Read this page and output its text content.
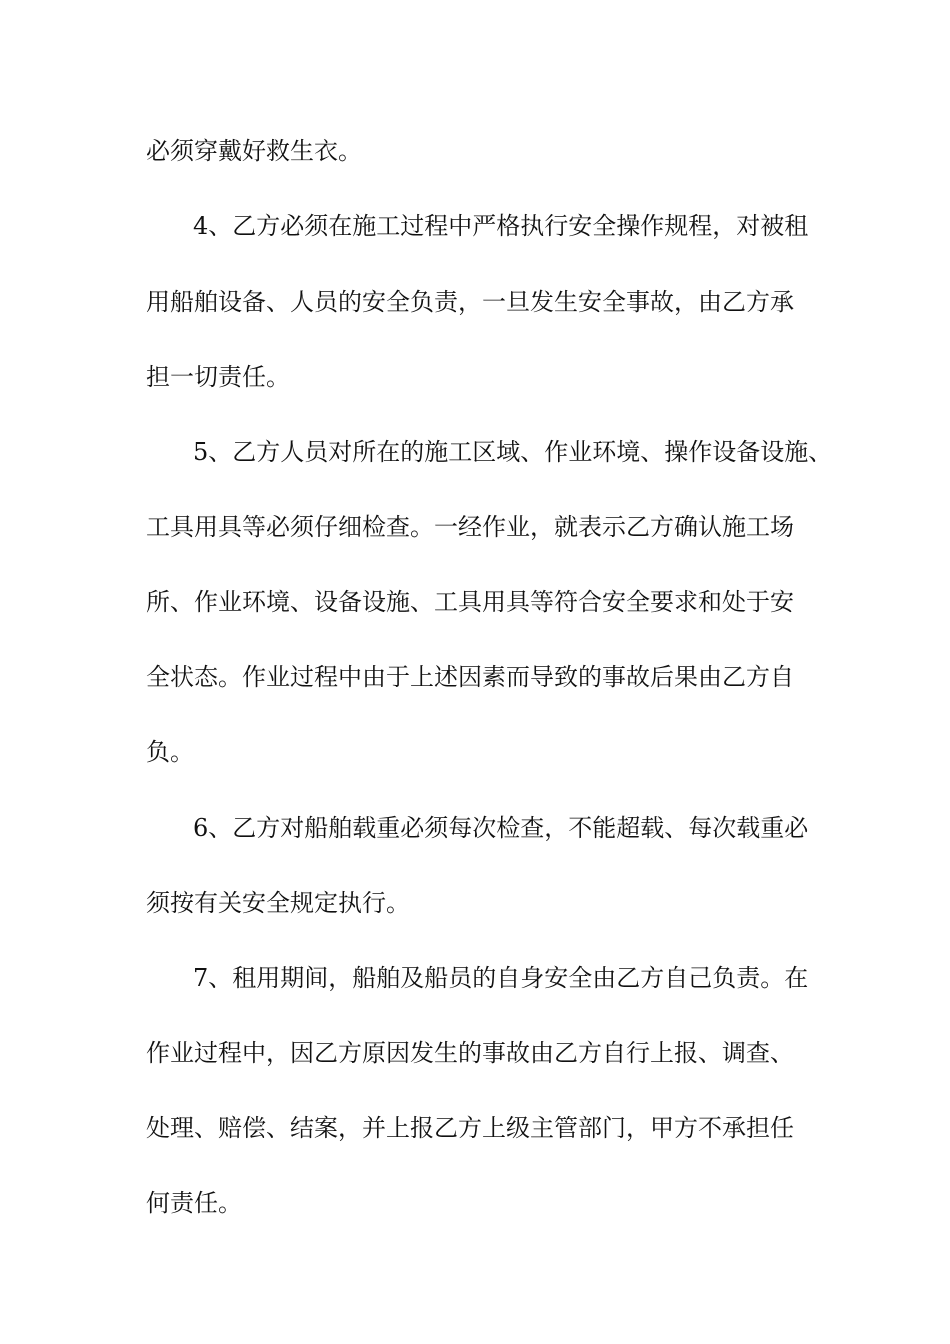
必须穿戴好救生衣。
4、乙方必须在施工过程中严格执行安全操作规程，对被租
用船舶设备、人员的安全负责，一旦发生安全事故，由乙方承
担一切责任。
5、乙方人员对所在的施工区域、作业环境、操作设备设施、
工具用具等必须仔细检查。一经作业，就表示乙方确认施工场
所、作业环境、设备设施、工具用具等符合安全要求和处于安
全状态。作业过程中由于上述因素而导致的事故后果由乙方自
负。
6、乙方对船舶载重必须每次检查，不能超载、每次载重必
须按有关安全规定执行。
7、租用期间，船舶及船员的自身安全由乙方自己负责。在
作业过程中，因乙方原因发生的事故由乙方自行上报、调查、
处理、赔偿、结案，并上报乙方上级主管部门，甲方不承担任
何责任。
